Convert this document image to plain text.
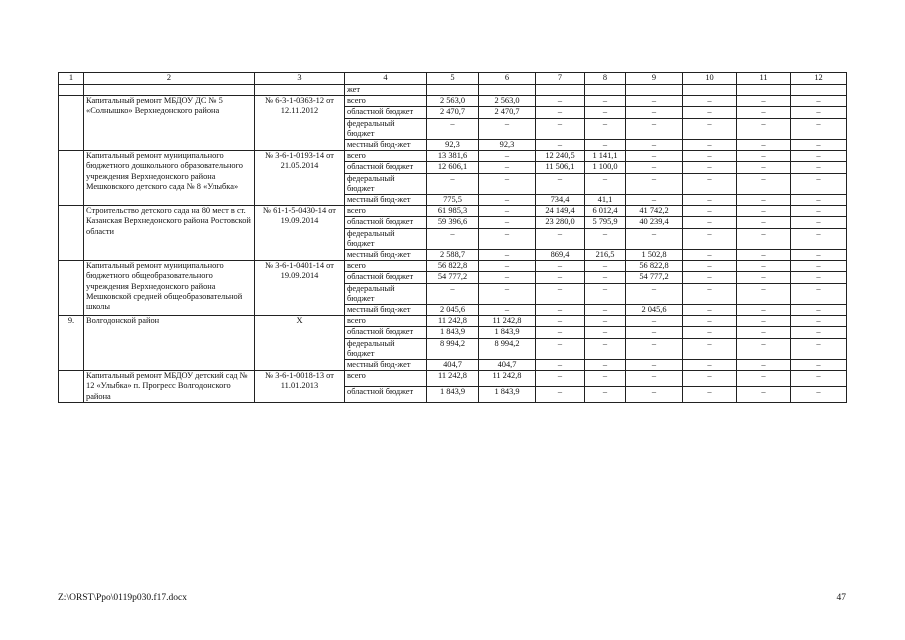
1	2	3	4	5	6	7	8	9	10	11	12
			жет								
	Капитальный ремонт МБДОУ ДС № 5 «Солнышко» Верхнедонского района	№ 6-3-1-0363-12 от 12.11.2012	всего	2 563,0	2 563,0	–	–	–	–	–	–
			областной бюджет	2 470,7	2 470,7	–	–	–	–	–	–
			федеральный бюджет	–	–	–	–	–	–	–	–
			местный бюд-жет	92,3	92,3	–	–	–	–	–	–
	Капитальный ремонт муниципального бюджетного дошкольного образовательного учреждения Верхнедонского района Мешковского детского сада № 8 «Улыбка»	№ 3-6-1-0193-14 от 21.05.2014	всего	13 381,6	–	12 240,5	1 141,1	–	–	–	–
			областной бюджет	12 606,1	–	11 506,1	1 100,0	–	–	–	–
			федеральный бюджет	–	–	–	–	–	–	–	–
			местный бюд-жет	775,5	–	734,4	41,1	–	–	–	–
	Строительство детского сада на 80 мест в ст. Казанская Верхнедонского района Ростовской области	№ 61-1-5-0430-14 от 19.09.2014	всего	61 985,3	–	24 149,4	6 012,4	41 742,2	–	–	–
			областной бюджет	59 396,6	–	23 280,0	5 795,9	40 239,4	–	–	–
			федеральный бюджет	–	–	–	–	–	–	–	–
			местный бюд-жет	2 588,7	–	869,4	216,5	1 502,8	–	–	–
	Капитальный ремонт муниципального бюджетного общеобразовательного учреждения Верхнедонского района Мешковской средней общеобразовательной школы	№ 3-6-1-0401-14 от 19.09.2014	всего	56 822,8	–	–	–	56 822,8	–	–	–
			областной бюджет	54 777,2	–	–	–	54 777,2	–	–	–
			федеральный бюджет	–	–	–	–	–	–	–	–
			местный бюд-жет	2 045,6	–	–	–	2 045,6	–	–	–
9.	Волгодонской район	Х	всего	11 242,8	11 242,8	–	–	–	–	–	–
			областной бюджет	1 843,9	1 843,9	–	–	–	–	–	–
			федеральный бюджет	8 994,2	8 994,2	–	–	–	–	–	–
			местный бюд-жет	404,7	404,7	–	–	–	–	–	–
	Капитальный ремонт МБДОУ детский сад № 12 «Улыбка» п. Прогресс Волгодонского района	№ 3-6-1-0018-13 от 11.01.2013	всего	11 242,8	11 242,8	–	–	–	–	–	–
			областной бюджет	1 843,9	1 843,9	–	–	–	–	–	–
Z:\ORST\Ppo\0119p030.f17.docx	47
